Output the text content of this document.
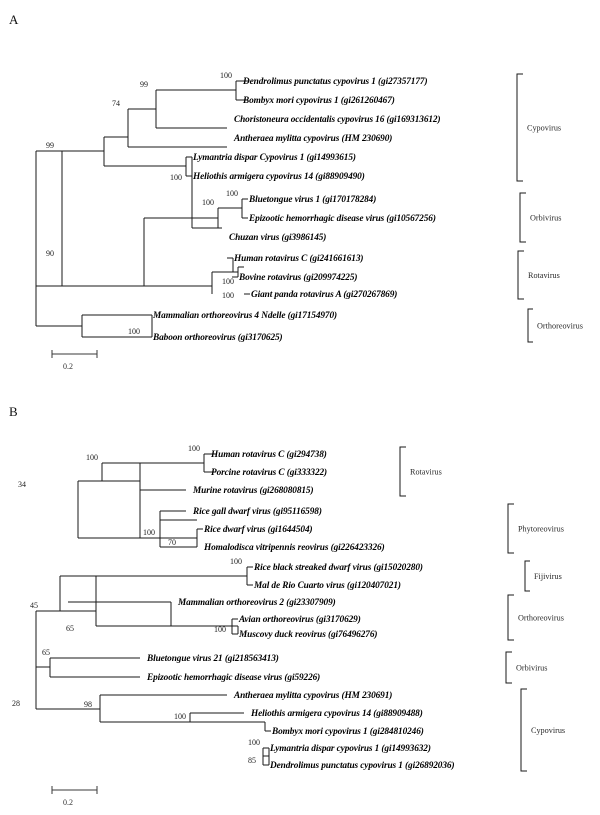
A
Dendrolimus punctatus cypovirus 1 (gi27357177)
Bombyx mori cypovirus 1 (gi261260467)
Choristoneura occidentalis cypovirus 16 (gi169313612)
Antheraea mylitta cypovirus (HM 230690)
Lymantria dispar Cypovirus 1 (gi14993615)
Heliothis armigera cypovirus 14 (gi88909490)
Bluetongue virus 1 (gi170178284)
Epizootic hemorrhagic disease virus (gi10567256)
Chuzan virus (gi3986145)
Human rotavirus C (gi241661613)
Bovine rotavirus (gi209974225)
Giant panda rotavirus A (gi270267869)
Mammalian orthoreovirus 4 Ndelle (gi17154970)
Baboon orthoreovirus (gi3170625)
100
99
74
99
100
100
100
90
100
100
100
Cypovirus
Orbivirus
Rotavirus
Orthoreovirus
0.2
B
Human rotavirus C (gi294738)
Porcine rotavirus C (gi333322)
Murine rotavirus (gi268080815)
Rice gall dwarf virus (gi95116598)
Rice dwarf virus (gi1644504)
Homalodisca vitripennis reovirus (gi226423326)
Rice black streaked dwarf virus (gi15020280)
Mal de Rio Cuarto virus (gi120407021)
Mammalian orthoreovirus 2 (gi23307909)
Avian orthoreovirus (gi3170629)
Muscovy duck reovirus (gi76496276)
Bluetongue virus 21 (gi218563413)
Epizootic hemorrhagic disease virus (gi59226)
Antheraea mylitta cypovirus (HM 230691)
Heliothis armigera cypovirus 14 (gi88909488)
Bombyx mori cypovirus 1 (gi284810246)
Lymantria dispar cypovirus 1 (gi14993632)
Dendrolimus punctatus cypovirus 1 (gi26892036)
100
100
34
100
70
100
45
65	100
65
28	98
100
100
85
Rotavirus
Phytoreovirus
Fijivirus
Orthoreovirus
Orbivirus
Cypovirus
0.2
